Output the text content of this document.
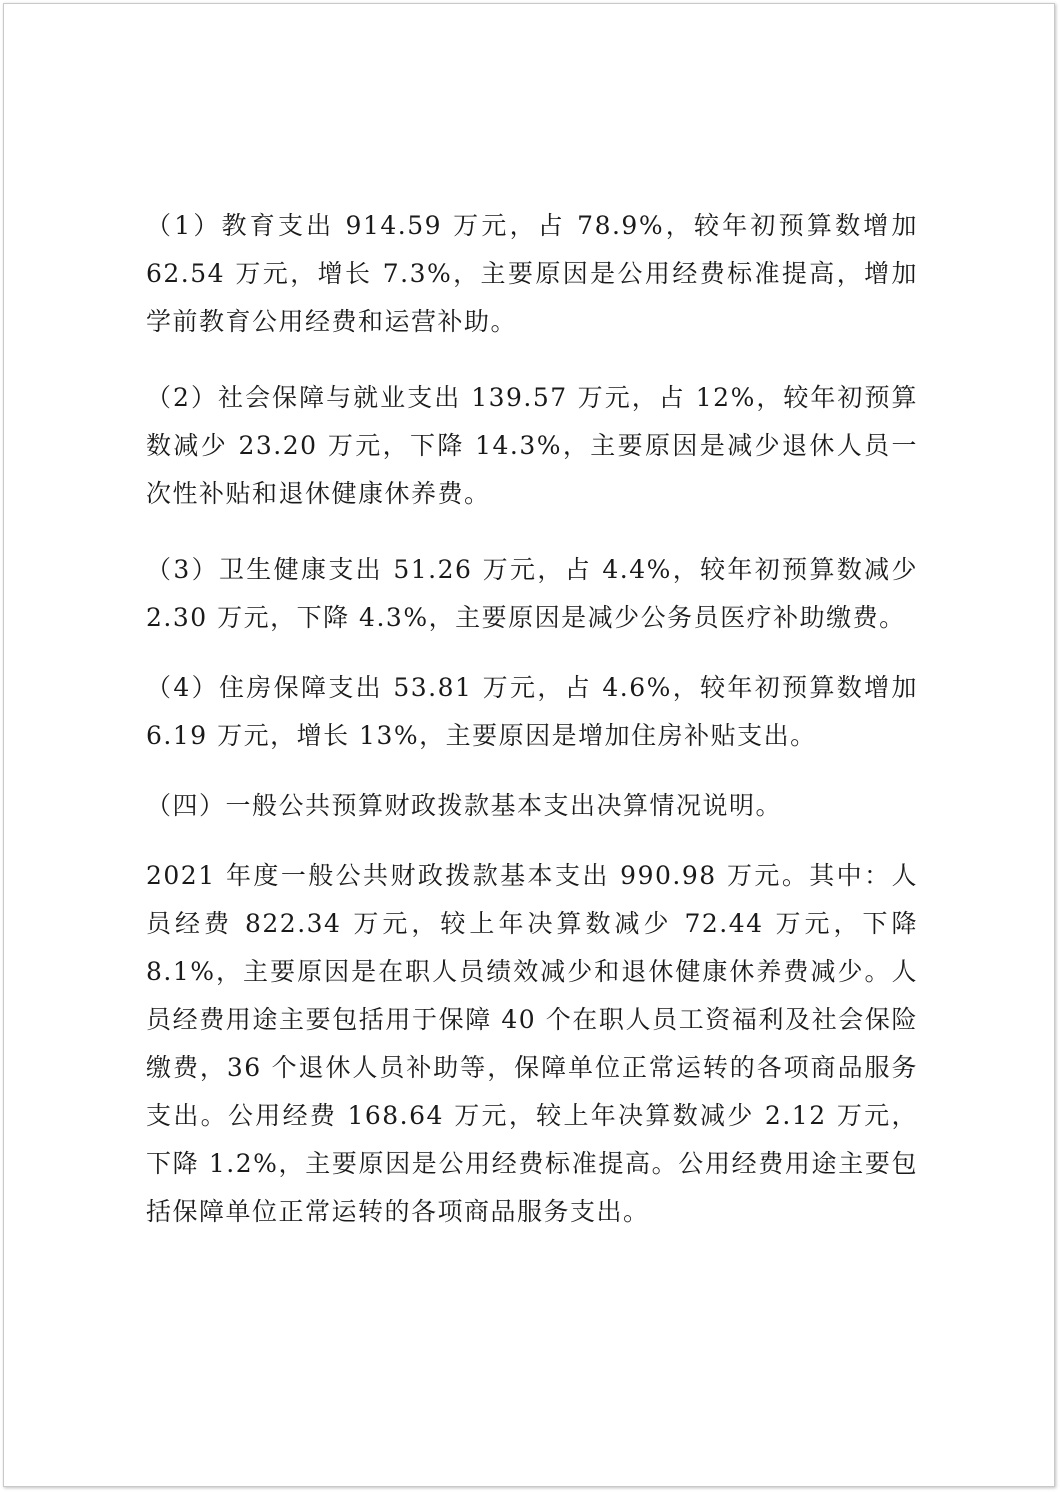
（1）教育支出 914.59 万元，占 78.9%，较年初预算数增加 62.54 万元，增长 7.3%，主要原因是公用经费标准提高，增加学前教育公用经费和运营补助。

（2）社会保障与就业支出 139.57 万元，占 12%，较年初预算数减少 23.20 万元，下降 14.3%，主要原因是减少退休人员一次性补贴和退休健康休养费。

（3）卫生健康支出 51.26 万元，占 4.4%，较年初预算数减少 2.30 万元，下降 4.3%，主要原因是减少公务员医疗补助缴费。

（4）住房保障支出 53.81 万元，占 4.6%，较年初预算数增加 6.19 万元，增长 13%，主要原因是增加住房补贴支出。

（四）一般公共预算财政拨款基本支出决算情况说明。

2021 年度一般公共财政拨款基本支出 990.98 万元。其中：人员经费 822.34 万元，较上年决算数减少 72.44 万元，下降 8.1%，主要原因是在职人员绩效减少和退休健康休养费减少。人员经费用途主要包括用于保障 40 个在职人员工资福利及社会保险缴费，36 个退休人员补助等，保障单位正常运转的各项商品服务支出。公用经费 168.64 万元，较上年决算数减少 2.12 万元，下降 1.2%，主要原因是公用经费标准提高。公用经费用途主要包括保障单位正常运转的各项商品服务支出。
